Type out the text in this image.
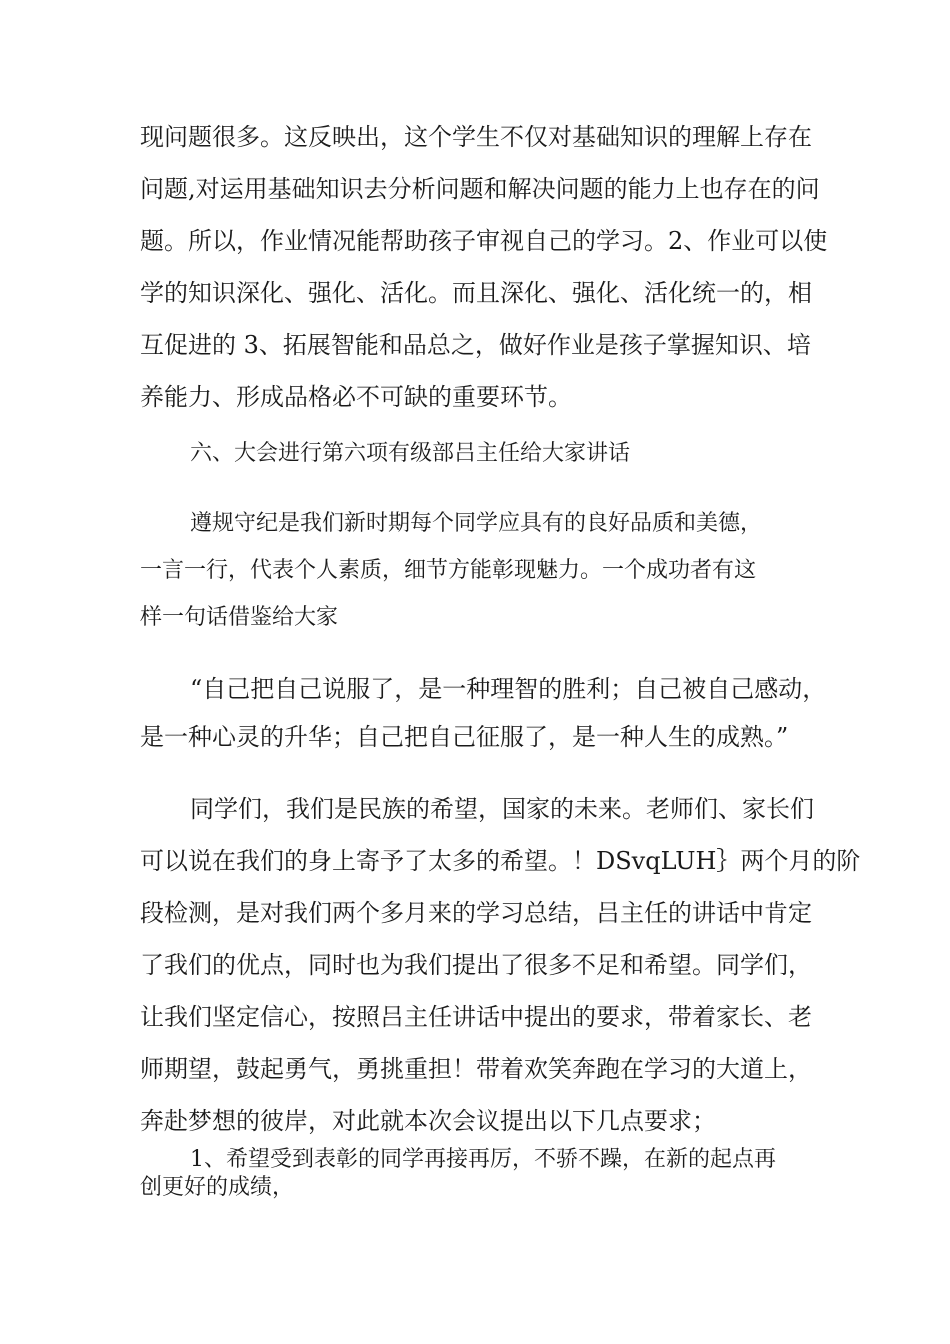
现问题很多。这反映出，这个学生不仅对基础知识的理解上存在
问题,对运用基础知识去分析问题和解决问题的能力上也存在的问
题。所以，作业情况能帮助孩子审视自己的学习。2、作业可以使
学的知识深化、强化、活化。而且深化、强化、活化统一的，相
互促进的 3、拓展智能和品总之，做好作业是孩子掌握知识、培
养能力、形成品格必不可缺的重要环节。
六、大会进行第六项有级部吕主任给大家讲话
遵规守纪是我们新时期每个同学应具有的良好品质和美德，
一言一行，代表个人素质，细节方能彰现魅力。一个成功者有这
样一句话借鉴给大家
“自己把自己说服了，是一种理智的胜利；自己被自己感动，
是一种心灵的升华；自己把自己征服了，是一种人生的成熟。”
同学们，我们是民族的希望，国家的未来。老师们、家长们
可以说在我们的身上寄予了太多的希望。！DSvqLUH｝两个月的阶
段检测，是对我们两个多月来的学习总结，吕主任的讲话中肯定
了我们的优点，同时也为我们提出了很多不足和希望。同学们，
让我们坚定信心，按照吕主任讲话中提出的要求，带着家长、老
师期望，鼓起勇气，勇挑重担！带着欢笑奔跑在学习的大道上，
奔赴梦想的彼岸，对此就本次会议提出以下几点要求；
1、希望受到表彰的同学再接再厉，不骄不躁，在新的起点再
创更好的成绩，
